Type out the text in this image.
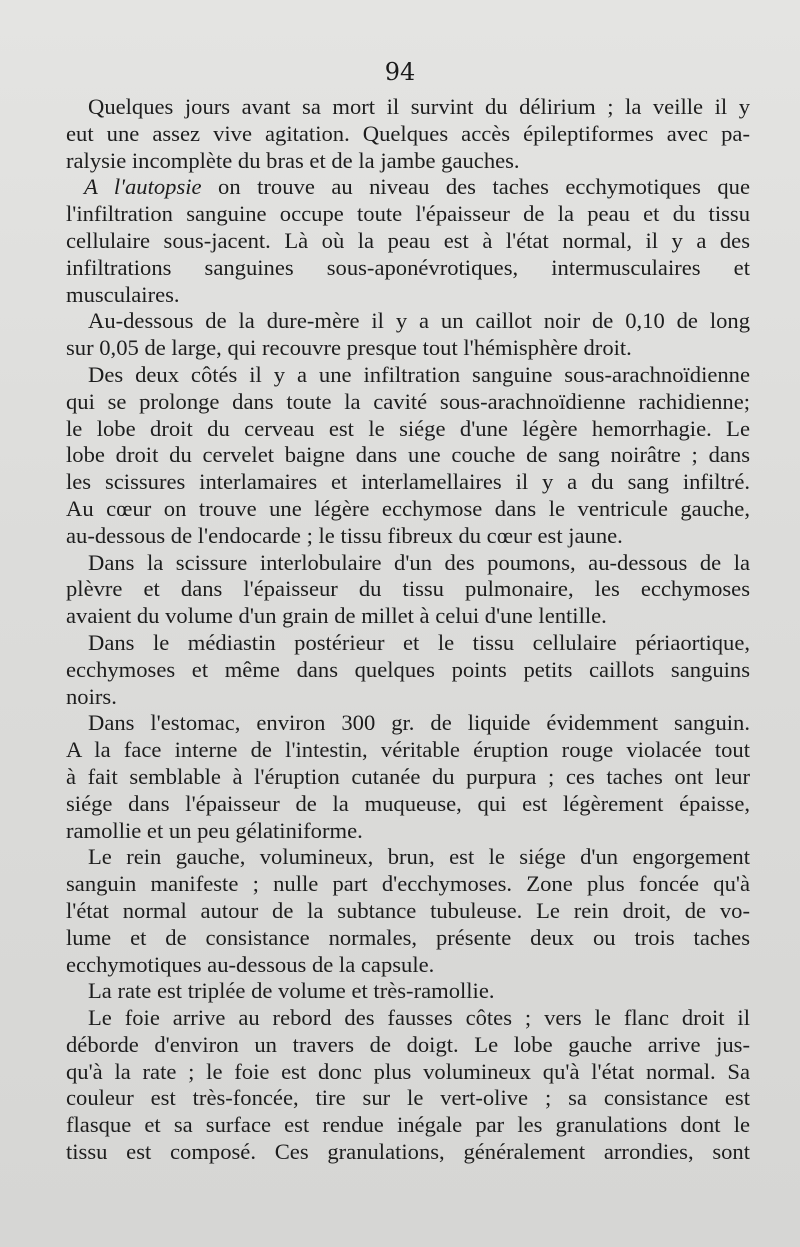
94
Quelques jours avant sa mort il survint du délirium ; la veille il y
eut une assez vive agitation. Quelques accès épileptiformes avec pa-
ralysie incomplète du bras et de la jambe gauches.
A l'autopsie on trouve au niveau des taches ecchymotiques que
l'infiltration sanguine occupe toute l'épaisseur de la peau et du tissu
cellulaire sous-jacent. Là où la peau est à l'état normal, il y a des
infiltrations sanguines sous-aponévrotiques, intermusculaires et
musculaires.
Au-dessous de la dure-mère il y a un caillot noir de 0,10 de long
sur 0,05 de large, qui recouvre presque tout l'hémisphère droit.
Des deux côtés il y a une infiltration sanguine sous-arachnoïdienne
qui se prolonge dans toute la cavité sous-arachnoïdienne rachidienne;
le lobe droit du cerveau est le siége d'une légère hemorrhagie. Le
lobe droit du cervelet baigne dans une couche de sang noirâtre ; dans
les scissures interlamaires et interlamellaires il y a du sang infiltré.
Au cœur on trouve une légère ecchymose dans le ventricule gauche,
au-dessous de l'endocarde ; le tissu fibreux du cœur est jaune.
Dans la scissure interlobulaire d'un des poumons, au-dessous de la
plèvre et dans l'épaisseur du tissu pulmonaire, les ecchymoses
avaient du volume d'un grain de millet à celui d'une lentille.
Dans le médiastin postérieur et le tissu cellulaire périaortique,
ecchymoses et même dans quelques points petits caillots sanguins
noirs.
Dans l'estomac, environ 300 gr. de liquide évidemment sanguin.
A la face interne de l'intestin, véritable éruption rouge violacée tout
à fait semblable à l'éruption cutanée du purpura ; ces taches ont leur
siége dans l'épaisseur de la muqueuse, qui est légèrement épaisse,
ramollie et un peu gélatiniforme.
Le rein gauche, volumineux, brun, est le siége d'un engorgement
sanguin manifeste ; nulle part d'ecchymoses. Zone plus foncée qu'à
l'état normal autour de la subtance tubuleuse. Le rein droit, de vo-
lume et de consistance normales, présente deux ou trois taches
ecchymotiques au-dessous de la capsule.
La rate est triplée de volume et très-ramollie.
Le foie arrive au rebord des fausses côtes ; vers le flanc droit il
déborde d'environ un travers de doigt. Le lobe gauche arrive jus-
qu'à la rate ; le foie est donc plus volumineux qu'à l'état normal. Sa
couleur est très-foncée, tire sur le vert-olive ; sa consistance est
flasque et sa surface est rendue inégale par les granulations dont le
tissu est composé. Ces granulations, généralement arrondies, sont
